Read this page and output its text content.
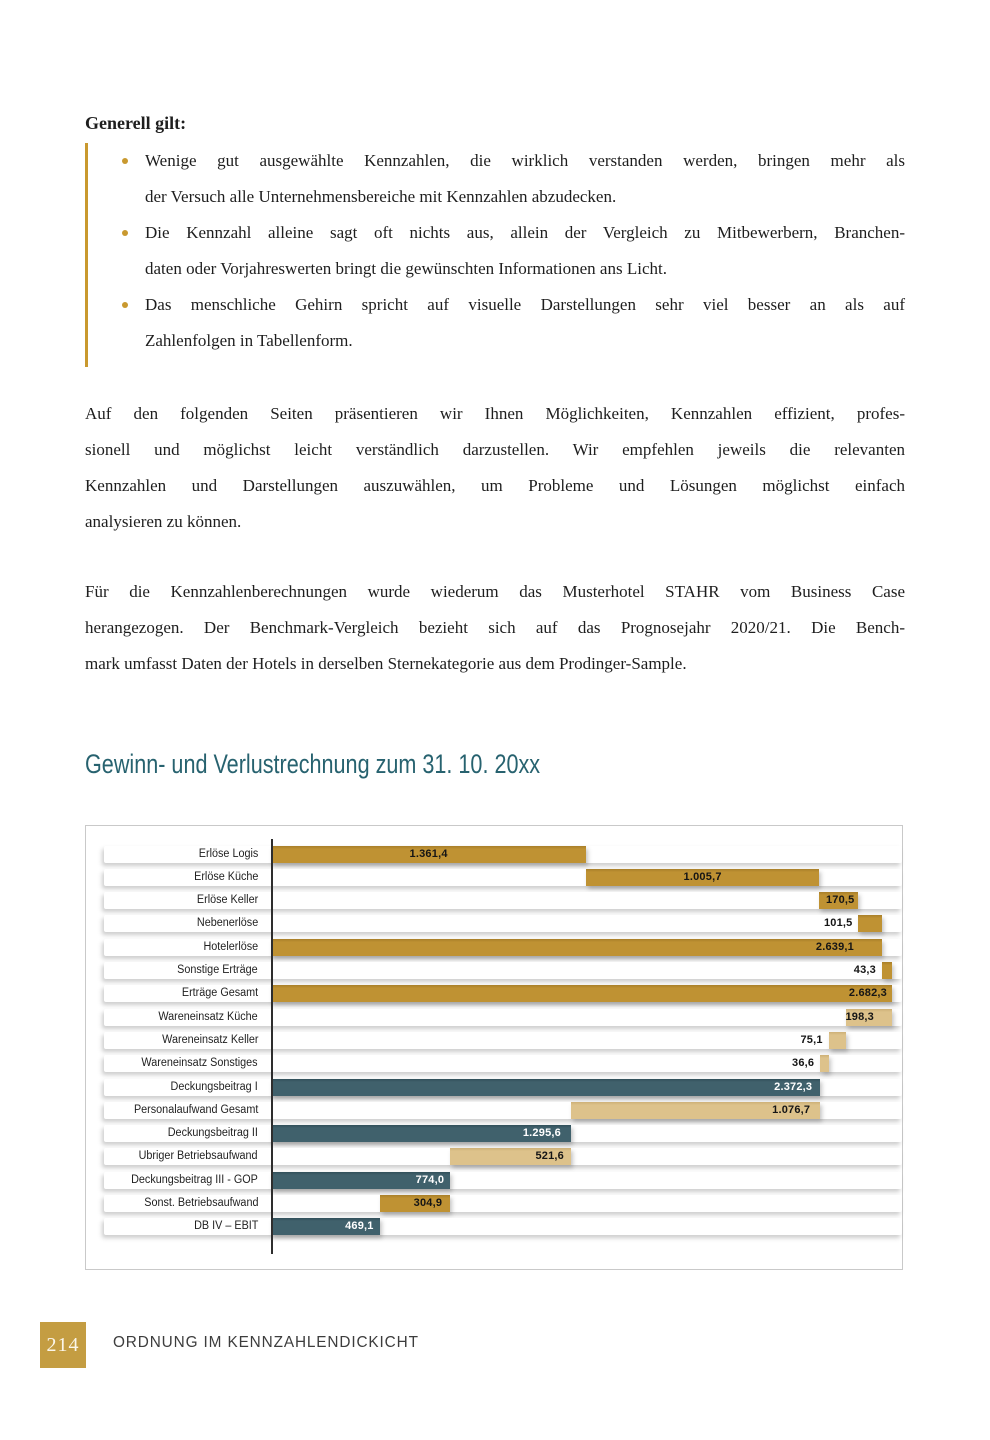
Generell gilt:
Wenige gut ausgewählte Kennzahlen, die wirklich verstanden werden, bringen mehr als
der Versuch alle Unternehmensbereiche mit Kennzahlen abzudecken.
Die Kennzahl alleine sagt oft nichts aus, allein der Vergleich zu Mitbewerbern, Branchen-
daten oder Vorjahreswerten bringt die gewünschten Informationen ans Licht.
Das menschliche Gehirn spricht auf visuelle Darstellungen sehr viel besser an als auf
Zahlenfolgen in Tabellenform.
Auf den folgenden Seiten präsentieren wir Ihnen Möglichkeiten, Kennzahlen effizient, profes-
sionell und möglichst leicht verständlich darzustellen. Wir empfehlen jeweils die relevanten
Kennzahlen und Darstellungen auszuwählen, um Probleme und Lösungen möglichst einfach
analysieren zu können.
Für die Kennzahlenberechnungen wurde wiederum das Musterhotel STAHR vom Business Case
herangezogen. Der Benchmark-Vergleich bezieht sich auf das Prognosejahr 2020/21. Die Bench-
mark umfasst Daten der Hotels in derselben Sternekategorie aus dem Prodinger-Sample.
Gewinn- und Verlustrechnung zum 31. 10. 20xx
Erlöse Logis	1.361,4
Erlöse Küche	1.005,7
Erlöse Keller	170,5
Nebenerlöse	101,5
Hotelerlöse	2.639,1
Sonstige Erträge	43,3
Erträge Gesamt	2.682,3
Wareneinsatz Küche	198,3
Wareneinsatz Keller	75,1
Wareneinsatz Sonstiges	36,6
Deckungsbeitrag I	2.372,3
Personalaufwand Gesamt	1.076,7
Deckungsbeitrag II	1.295,6
Übriger Betriebsaufwand	521,6
Deckungsbeitrag III - GOP	774,0
Sonst. Betriebsaufwand	304,9
DB IV – EBIT	469,1
214 ORDNUNG IM KENNZAHLENDICKICHT
